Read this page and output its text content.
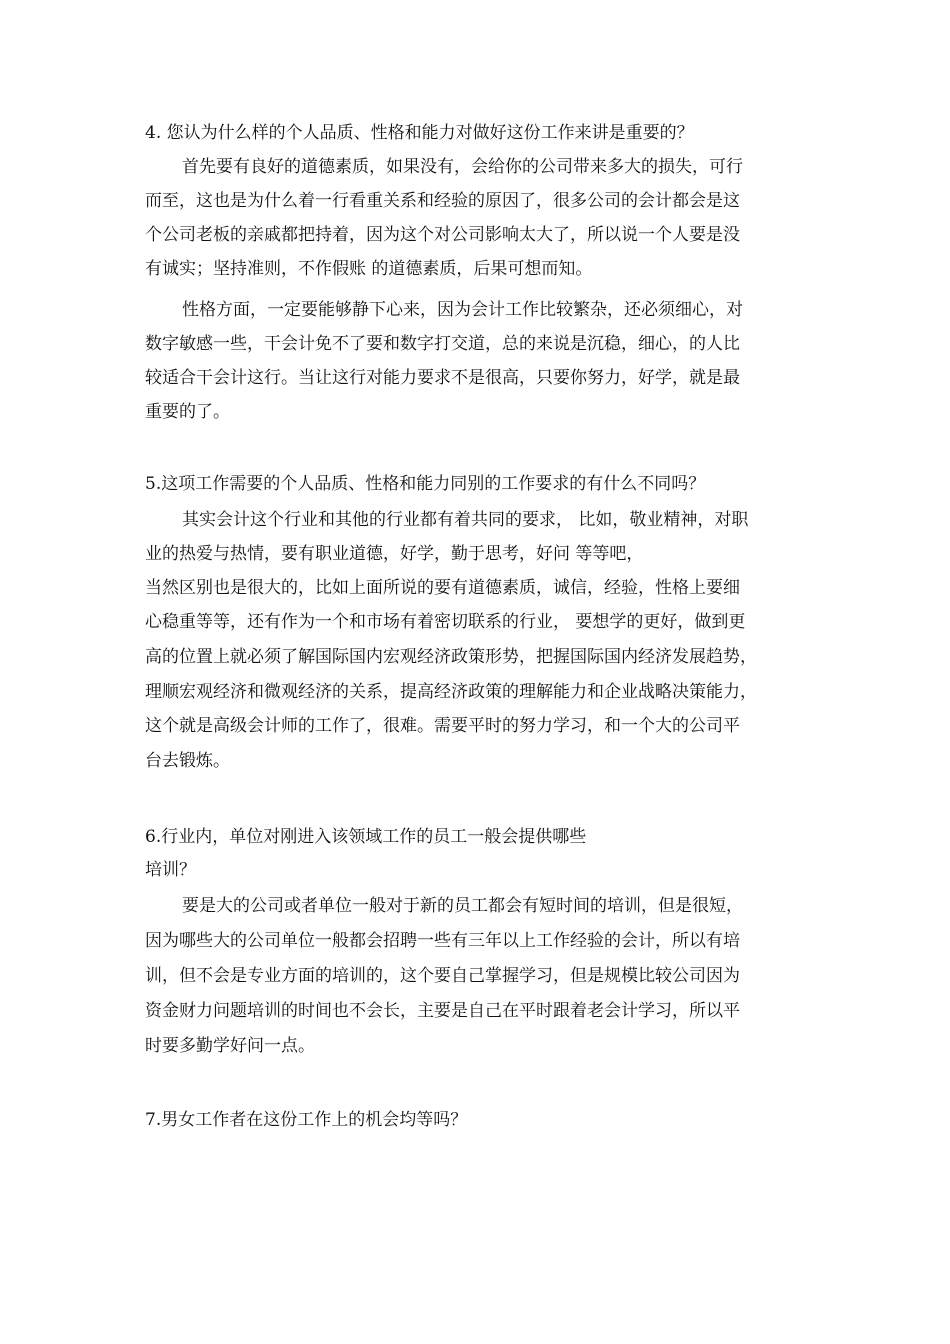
4. 您认为什么样的个人品质、性格和能力对做好这份工作来讲是重要的？
首先要有良好的道德素质，如果没有，会给你的公司带来多大的损失，可行
而至，这也是为什么着一行看重关系和经验的原因了，很多公司的会计都会是这
个公司老板的亲戚都把持着，因为这个对公司影响太大了，所以说一个人要是没
有诚实；坚持准则，不作假账 的道德素质，后果可想而知。
性格方面，一定要能够静下心来，因为会计工作比较繁杂，还必须细心，对
数字敏感一些，干会计免不了要和数字打交道，总的来说是沉稳，细心，的人比
较适合干会计这行。当让这行对能力要求不是很高，只要你努力，好学，就是最
重要的了。
5.这项工作需要的个人品质、性格和能力同别的工作要求的有什么不同吗？
其实会计这个行业和其他的行业都有着共同的要求， 比如，敬业精神，对职
业的热爱与热情，要有职业道德，好学，勤于思考，好问 等等吧，
当然区别也是很大的，比如上面所说的要有道德素质，诚信，经验，性格上要细
心稳重等等，还有作为一个和市场有着密切联系的行业， 要想学的更好，做到更
高的位置上就必须了解国际国内宏观经济政策形势，把握国际国内经济发展趋势，
理顺宏观经济和微观经济的关系，提高经济政策的理解能力和企业战略决策能力，
这个就是高级会计师的工作了，很难。需要平时的努力学习，和一个大的公司平
台去锻炼。
6.行业内，单位对刚进入该领域工作的员工一般会提供哪些
培训？
要是大的公司或者单位一般对于新的员工都会有短时间的培训，但是很短，
因为哪些大的公司单位一般都会招聘一些有三年以上工作经验的会计，所以有培
训，但不会是专业方面的培训的，这个要自己掌握学习，但是规模比较公司因为
资金财力问题培训的时间也不会长，主要是自己在平时跟着老会计学习，所以平
时要多勤学好问一点。
7.男女工作者在这份工作上的机会均等吗？
